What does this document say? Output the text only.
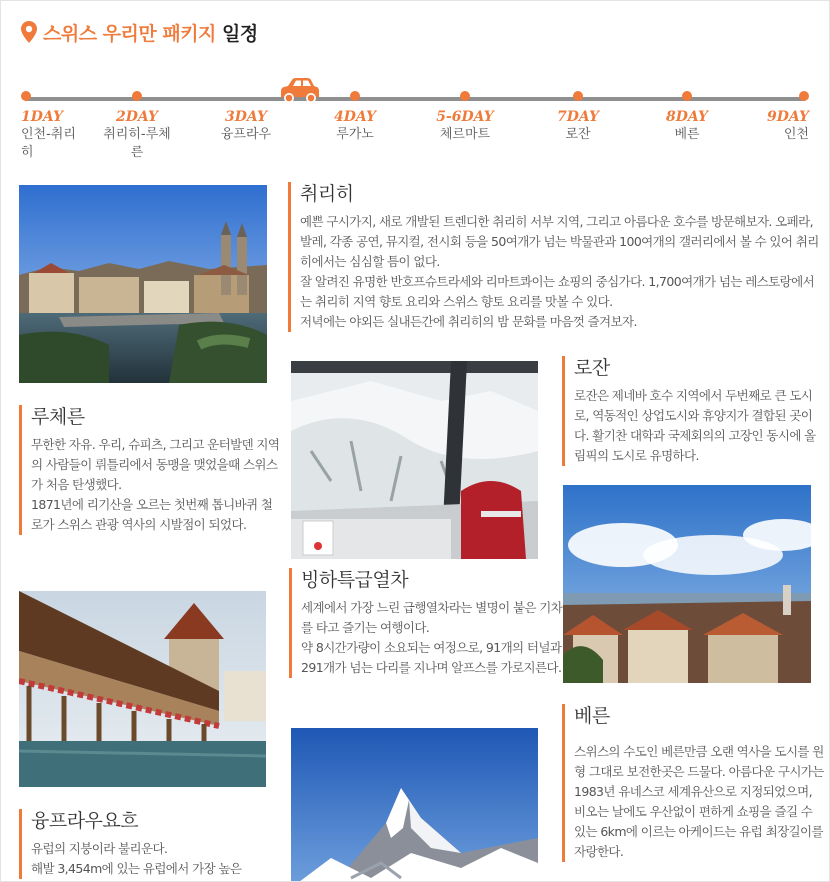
스위스 우리만 패키지 일정
1DAY
인천-취리히
2DAY
취리히-루체른
3DAY
융프라우
4DAY
루가노
5-6DAY
체르마트
7DAY
로잔
8DAY
베른
9DAY
인천
취리히

예쁜 구시가지, 새로 개발된 트렌디한 취리히 서부 지역, 그리고 아름다운 호수를 방문해보자. 오페라, 발레, 각종 공연, 뮤지컬, 전시회 등을 50여개가 넘는 박물관과 100여개의 갤러리에서 볼 수 있어 취리히에서는 심심할 틈이 없다.
잘 알려진 유명한 반호프슈트라세와 리마트콰이는 쇼핑의 중심가다. 1,700여개가 넘는 레스토랑에서는 취리히 지역 향토 요리와 스위스 향토 요리를 맛볼 수 있다.
저녁에는 야외든 실내든간에 취리히의 밤 문화를 마음껏 즐겨보자.

루체른

무한한 자유. 우리, 슈피츠, 그리고 운터발덴 지역의 사람들이 뤼틀리에서 동맹을 맺었을때 스위스가 처음 탄생했다.
1871년에 리기산을 오르는 첫번째 톱니바퀴 철로가 스위스 관광 역사의 시발점이 되었다.

빙하특급열차

세계에서 가장 느린 급행열차라는 별명이 붙은 기차를 타고 즐기는 여행이다.
약 8시간가량이 소요되는 여정으로, 91개의 터널과 291개가 넘는 다리를 지나며 알프스를 가로지른다.

로잔

로잔은 제네바 호수 지역에서 두번째로 큰 도시로, 역동적인 상업도시와 휴양지가 결합된 곳이다. 활기찬 대학과 국제회의의 고장인 동시에 올림픽의 도시로 유명하다.

베른

스위스의 수도인 베른만큼 오랜 역사을 도시를 원형 그대로 보전한곳은 드물다. 아름다운 구시가는 1983년 유네스코 세계유산으로 지정되었으며, 비오는 날에도 우산없이 편하게 쇼핑을 즐길 수 있는 6km에 이르는 아케이드는 유럽 최장길이를 자랑한다.

융프라우요흐

유럽의 지붕이라 불리운다.
해발 3,454m에 있는 유럽에서 가장 높은
